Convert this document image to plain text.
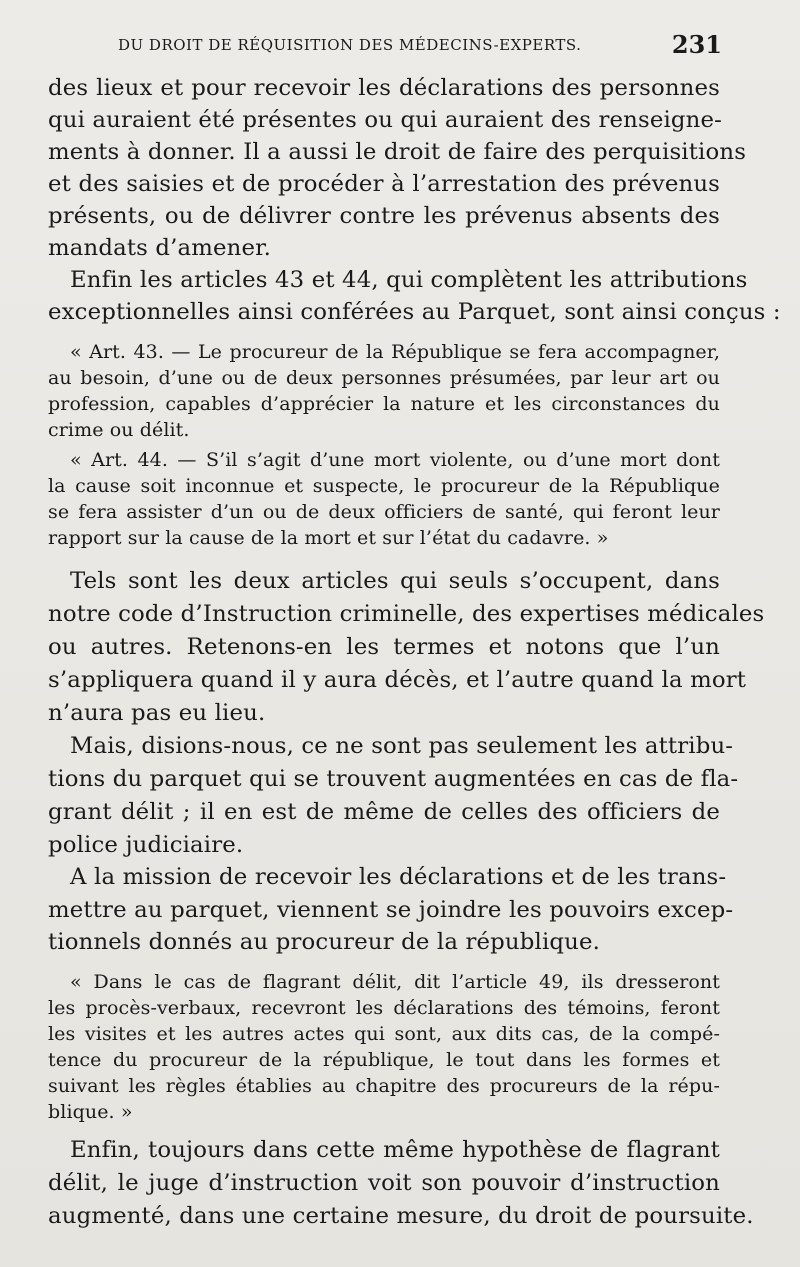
DU DROIT DE RÉQUISITION DES MÉDECINS-EXPERTS.	231
des lieux et pour recevoir les déclarations des personnes
qui auraient été présentes ou qui auraient des renseigne-
ments à donner. Il a aussi le droit de faire des perquisitions
et des saisies et de procéder à l’arrestation des prévenus
présents, ou de délivrer contre les prévenus absents des
mandats d’amener.
Enfin les articles 43 et 44, qui complètent les attributions
exceptionnelles ainsi conférées au Parquet, sont ainsi conçus :
« Art. 43. — Le procureur de la République se fera accompagner,
au besoin, d’une ou de deux personnes présumées, par leur art ou
profession, capables d’apprécier la nature et les circonstances du
crime ou délit.
« Art. 44. — S’il s’agit d’une mort violente, ou d’une mort dont
la cause soit inconnue et suspecte, le procureur de la République
se fera assister d’un ou de deux officiers de santé, qui feront leur
rapport sur la cause de la mort et sur l’état du cadavre. »
Tels sont les deux articles qui seuls s’occupent, dans
notre code d’Instruction criminelle, des expertises médicales
ou autres. Retenons-en les termes et notons que l’un
s’appliquera quand il y aura décès, et l’autre quand la mort
n’aura pas eu lieu.
Mais, disions-nous, ce ne sont pas seulement les attribu-
tions du parquet qui se trouvent augmentées en cas de fla-
grant délit ; il en est de même de celles des officiers de
police judiciaire.
A la mission de recevoir les déclarations et de les trans-
mettre au parquet, viennent se joindre les pouvoirs excep-
tionnels donnés au procureur de la république.
« Dans le cas de flagrant délit, dit l’article 49, ils dresseront
les procès-verbaux, recevront les déclarations des témoins, feront
les visites et les autres actes qui sont, aux dits cas, de la compé-
tence du procureur de la république, le tout dans les formes et
suivant les règles établies au chapitre des procureurs de la répu-
blique. »
Enfin, toujours dans cette même hypothèse de flagrant
délit, le juge d’instruction voit son pouvoir d’instruction
augmenté, dans une certaine mesure, du droit de poursuite.
